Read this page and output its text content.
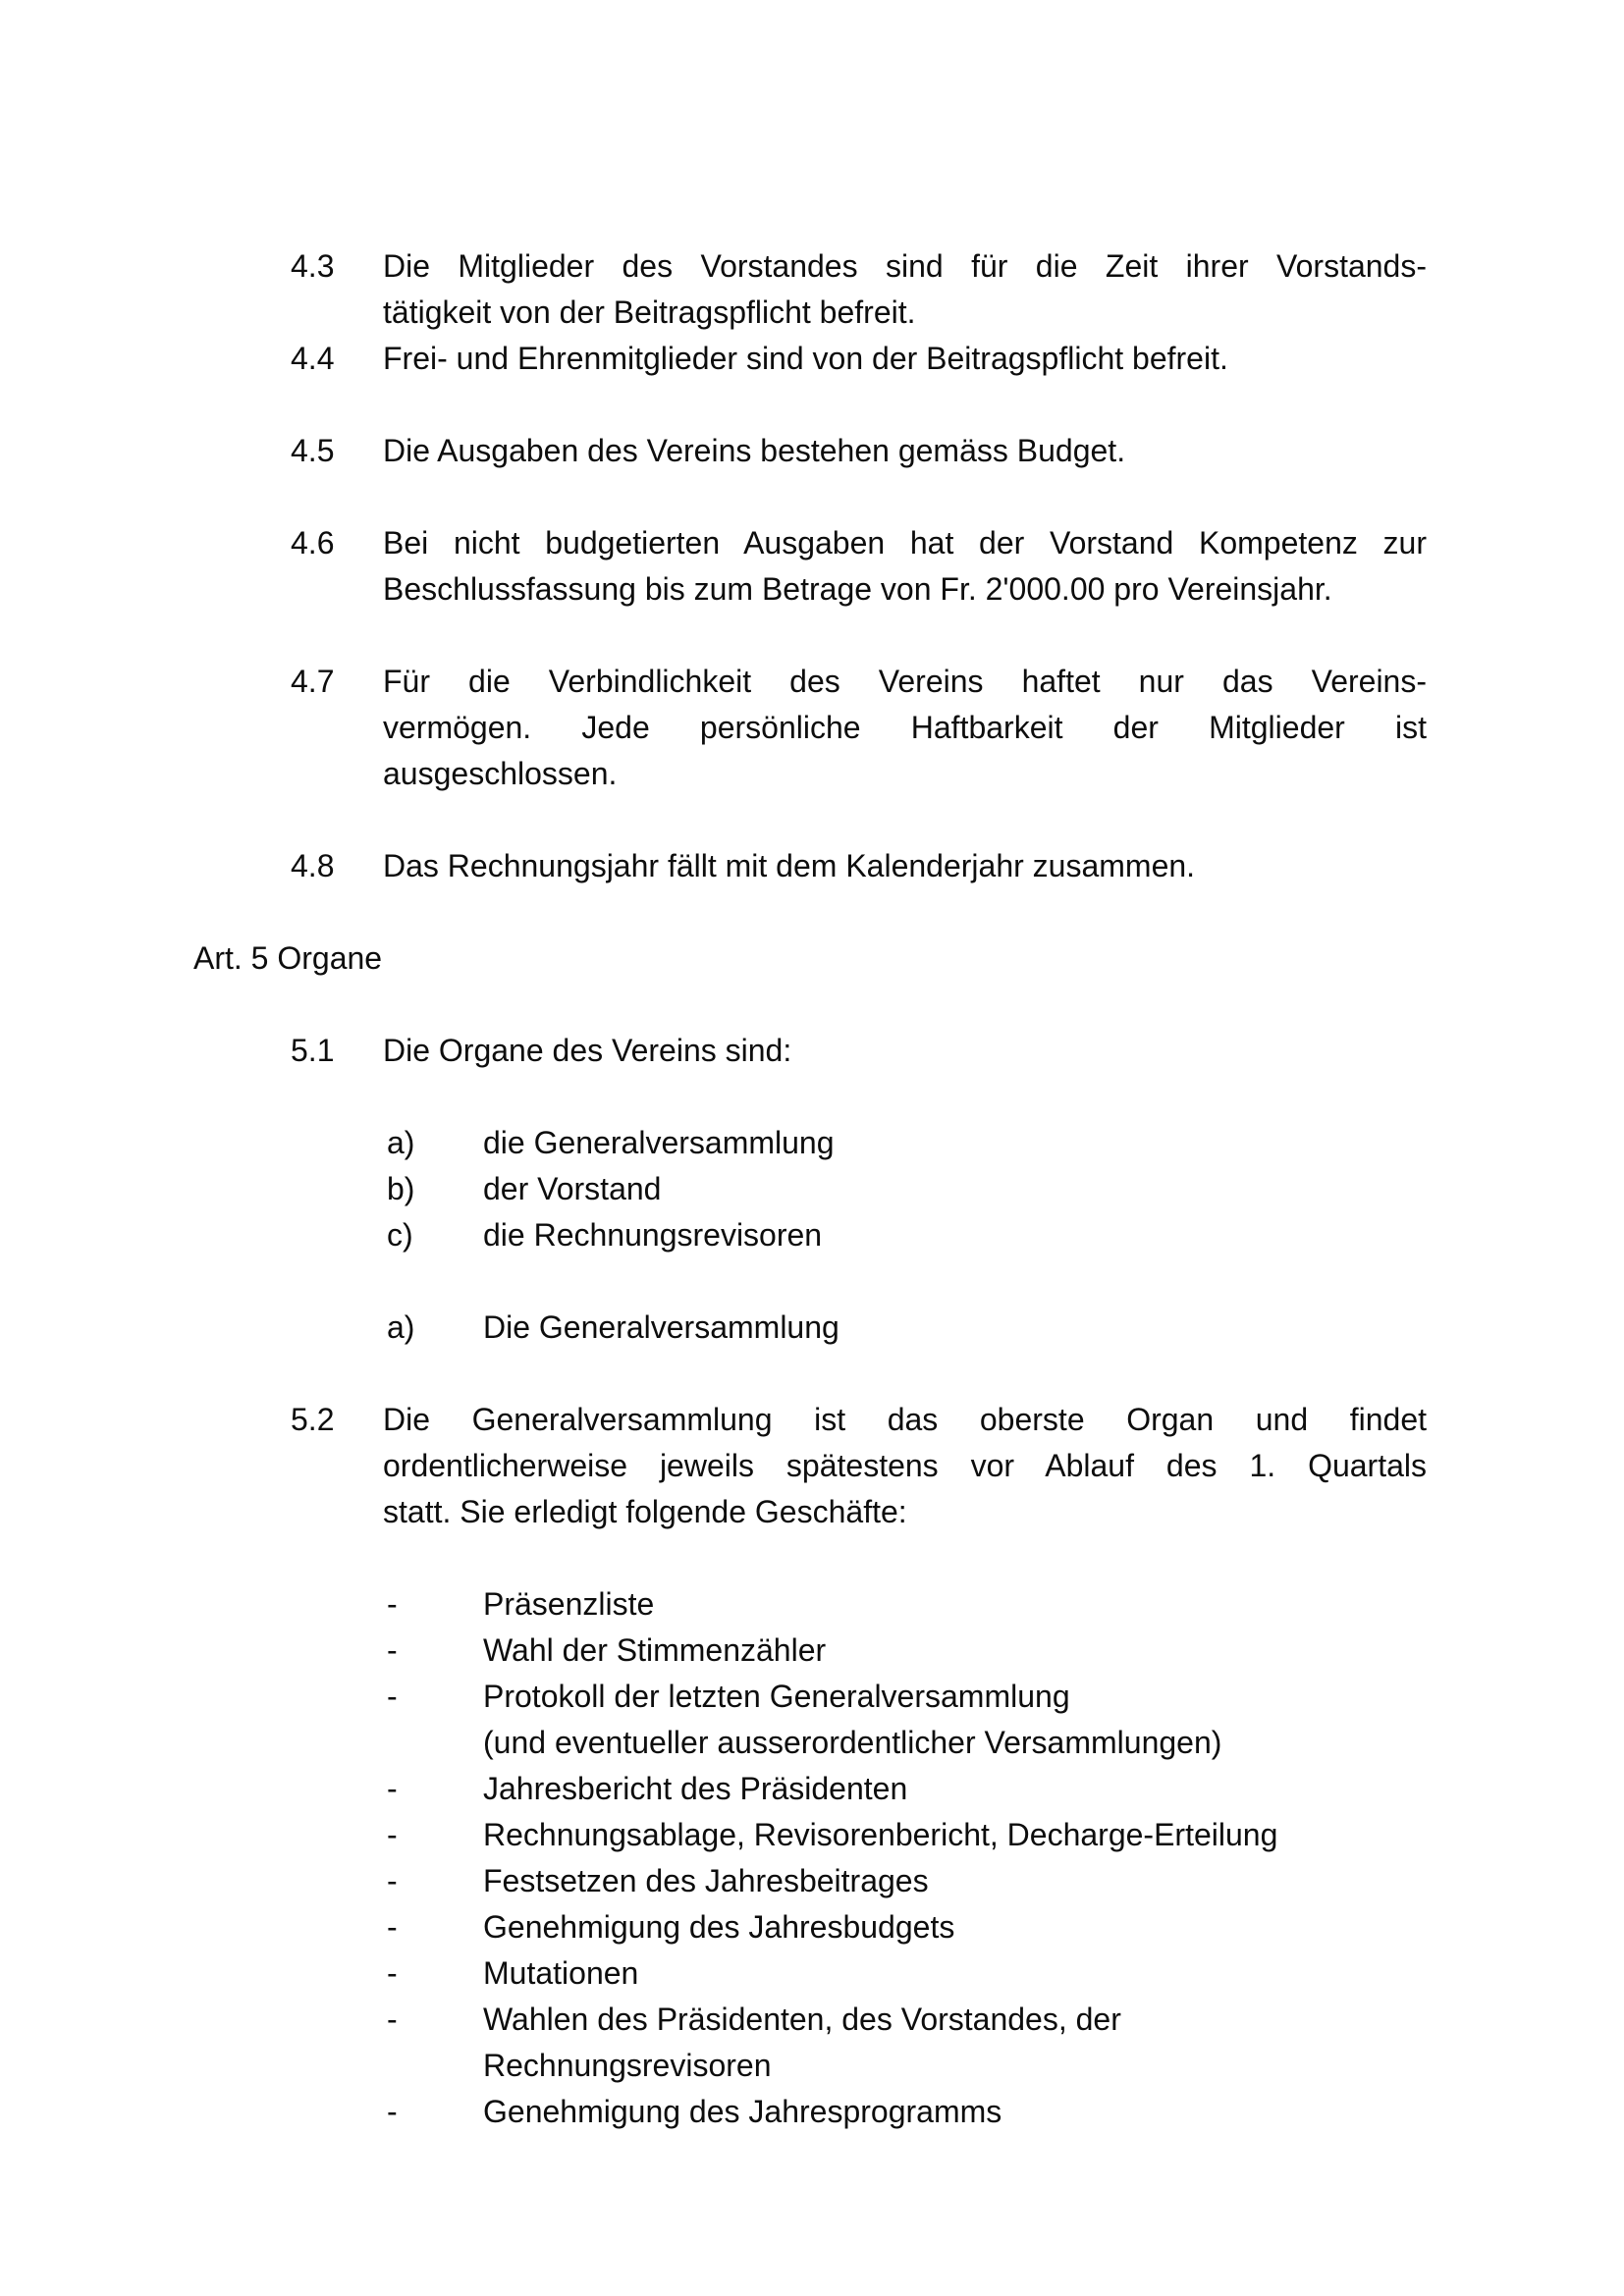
4.3	Die Mitglieder des Vorstandes sind für die Zeit ihrer Vorstands-
tätigkeit von der Beitragspflicht befreit.
4.4	Frei- und Ehrenmitglieder sind von der Beitragspflicht befreit.
4.5	Die Ausgaben des Vereins bestehen gemäss Budget.
4.6	Bei nicht budgetierten Ausgaben hat der Vorstand Kompetenz zur
Beschlussfassung bis zum Betrage von Fr. 2'000.00 pro Vereinsjahr.
4.7	Für die Verbindlichkeit des Vereins haftet nur das Vereins-
vermögen. Jede persönliche Haftbarkeit der Mitglieder ist
ausgeschlossen.
4.8	Das Rechnungsjahr fällt mit dem Kalenderjahr zusammen.
Art. 5 Organe
5.1	Die Organe des Vereins sind:
a)	die Generalversammlung
b)	der Vorstand
c)	die Rechnungsrevisoren
a)	Die Generalversammlung
5.2	Die Generalversammlung ist das oberste Organ und findet
ordentlicherweise jeweils spätestens vor Ablauf des 1. Quartals
statt. Sie erledigt folgende Geschäfte:
-	Präsenzliste
-	Wahl der Stimmenzähler
-	Protokoll der letzten Generalversammlung
(und eventueller ausserordentlicher Versammlungen)
-	Jahresbericht des Präsidenten
-	Rechnungsablage, Revisorenbericht, Decharge-Erteilung
-	Festsetzen des Jahresbeitrages
-	Genehmigung des Jahresbudgets
-	Mutationen
-	Wahlen des Präsidenten, des Vorstandes, der
Rechnungsrevisoren
-	Genehmigung des Jahresprogramms
